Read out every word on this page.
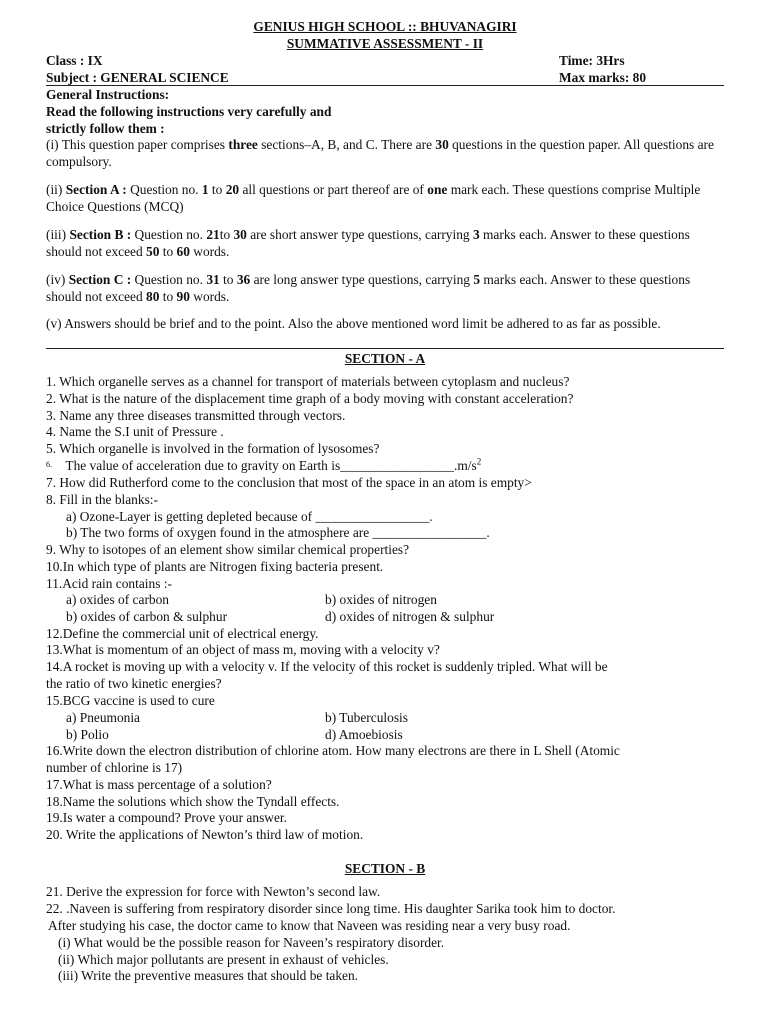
GENIUS HIGH SCHOOL :: BHUVANAGIRI
SUMMATIVE ASSESSMENT - II
Class : IX	Time: 3Hrs
Subject : GENERAL SCIENCE	Max marks: 80
General Instructions:
Read the following instructions very carefully and
strictly follow them :
(i) This question paper comprises three sections–A, B, and C. There are 30 questions in the question paper. All questions are compulsory.
(ii) Section A : Question no. 1 to 20 all questions or part thereof are of one mark each. These questions comprise Multiple Choice Questions (MCQ)
(iii) Section B : Question no. 21to 30 are short answer type questions, carrying 3 marks each. Answer to these questions should not exceed 50 to 60 words.
(iv) Section C : Question no. 31 to 36 are long answer type questions, carrying 5 marks each. Answer to these questions should not exceed 80 to 90 words.
(v) Answers should be brief and to the point. Also the above mentioned word limit be adhered to as far as possible.
SECTION - A
1. Which organelle serves as a channel for transport of materials between cytoplasm and nucleus?
2. What is the nature of the displacement time graph of a body moving with constant acceleration?
3. Name any three diseases transmitted through vectors.
4. Name the S.I unit of Pressure .
5. Which organelle is involved in the formation of lysosomes?
$^{6.}$ The value of acceleration due to gravity on Earth $is\_\_\_\_\_\_\_\_\_\_\_\_\_\_\_\_\_.m/s^2$
7. How did Rutherford come to the conclusion that most of the space in an atom is empty>
8. Fill in the blanks:-
a) Ozone-Layer is getting depleted because of _________________.
b) The two forms of oxygen found in the atmosphere are _________________.
9. Why to isotopes of an element show similar chemical properties?
10.In which type of plants are Nitrogen fixing bacteria present.
11.Acid rain contains :-
a) oxides of carbon	b) oxides of nitrogen
b) oxides of carbon & sulphur	d) oxides of nitrogen & sulphur
12.Define the commercial unit of electrical energy.
13.What is momentum of an object of mass m, moving with a velocity v?
14.A rocket is moving up with a velocity v. If the velocity of this rocket is suddenly tripled. What will be
the ratio of two kinetic energies?
15.BCG vaccine is used to cure
a) Pneumonia	b) Tuberculosis
b) Polio	d) Amoebiosis
16.Write down the electron distribution of chlorine atom. How many electrons are there in L Shell (Atomic
number of chlorine is 17)
17.What is mass percentage of a solution?
18.Name the solutions which show the Tyndall effects.
19.Is water a compound? Prove your answer.
20. Write the applications of Newton’s third law of motion.
SECTION - B
21. Derive the expression for force with Newton’s second law.
22. .Naveen is suffering from respiratory disorder since long time. His daughter Sarika took him to doctor.
After studying his case, the doctor came to know that Naveen was residing near a very busy road.
(i) What would be the possible reason for Naveen’s respiratory disorder.
(ii) Which major pollutants are present in exhaust of vehicles.
(iii) Write the preventive measures that should be taken.
